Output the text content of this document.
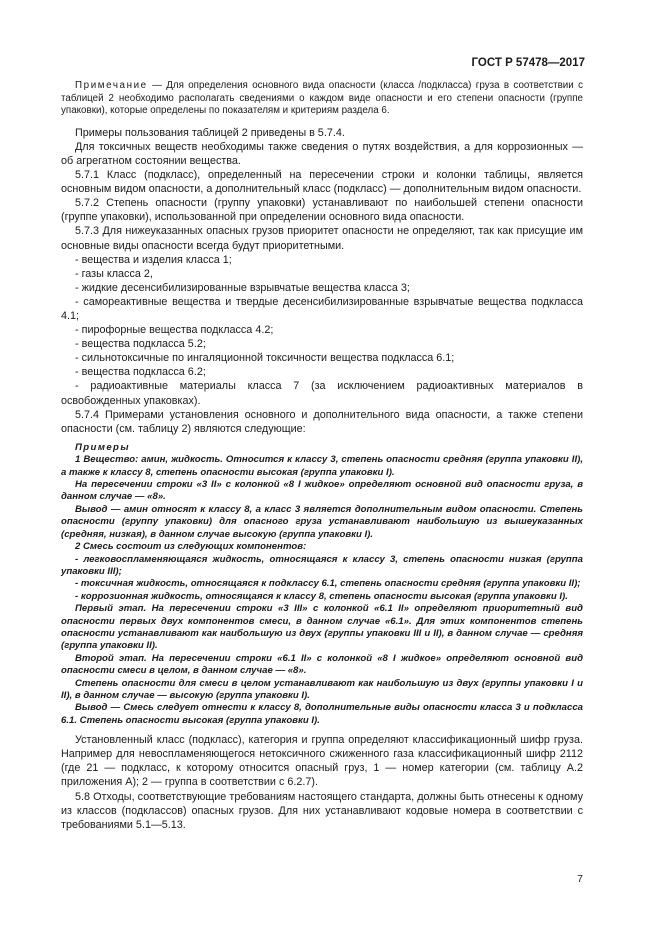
ГОСТ Р 57478—2017

Примечание — Для определения основного вида опасности (класса /подкласса) груза в соответствии с таблицей 2 необходимо располагать сведениями о каждом виде опасности и его степени опасности (группе упаковки), которые определены по показателям и критериям раздела 6.

Примеры пользования таблицей 2 приведены в 5.7.4.

Для токсичных веществ необходимы также сведения о путях воздействия, а для коррозионных — об агрегатном состоянии вещества.

5.7.1 Класс (подкласс), определенный на пересечении строки и колонки таблицы, является основным видом опасности, а дополнительный класс (подкласс) — дополнительным видом опасности.

5.7.2 Степень опасности (группу упаковки) устанавливают по наибольшей степени опасности (группе упаковки), использованной при определении основного вида опасности.

5.7.3 Для нижеуказанных опасных грузов приоритет опасности не определяют, так как присущие им основные виды опасности всегда будут приоритетными.

- вещества и изделия класса 1;

- газы класса 2,

- жидкие десенсибилизированные взрывчатые вещества класса 3;

- самореактивные вещества и твердые десенсибилизированные взрывчатые вещества подкласса 4.1;

- пирофорные вещества подкласса 4.2;

- вещества подкласса 5.2;

- сильнотоксичные по ингаляционной токсичности вещества подкласса 6.1;

- вещества подкласса 6.2;

- радиоактивные материалы класса 7 (за исключением радиоактивных материалов в освобожденных упаковках).

5.7.4 Примерами установления основного и дополнительного вида опасности, а также степени опасности (см. таблицу 2) являются следующие:

Примеры

1 Вещество: амин, жидкость. Относится к классу 3, степень опасности средняя (группа упаковки II), а также к классу 8, степень опасности высокая (группа упаковки I).

На пересечении строки «3 II» с колонкой «8 I жидкое» определяют основной вид опасности груза, в данном случае — «8».

Вывод — амин относят к классу 8, а класс 3 является дополнительным видом опасности. Степень опасности (группу упаковки) для опасного груза устанавливают наибольшую из вышеуказанных (средняя, низкая), в данном случае высокую (группа упаковки I).

2 Смесь состоит из следующих компонентов:

- легковоспламеняющаяся жидкость, относящаяся к классу 3, степень опасности низкая (группа упаковки III);

- токсичная жидкость, относящаяся к подклассу 6.1, степень опасности средняя (группа упаковки II);

- коррозионная жидкость, относящаяся к классу 8, степень опасности высокая (группа упаковки I).

Первый этап. На пересечении строки «3 III» с колонкой «6.1 II» определяют приоритетный вид опасности первых двух компонентов смеси, в данном случае «6.1». Для этих компонентов степень опасности устанавливают как наибольшую из двух (группы упаковки III и II), в данном случае — средняя (группа упаковки II).

Второй этап. На пересечении строки «6.1 II» с колонкой «8 I жидкое» определяют основной вид опасности смеси в целом, в данном случае — «8».

Степень опасности для смеси в целом устанавливают как наибольшую из двух (группы упаковки I и II), в данном случае — высокую (группа упаковки I).

Вывод — Смесь следует отнести к классу 8, дополнительные виды опасности класса 3 и подкласса 6.1. Степень опасности высокая (группа упаковки I).

Установленный класс (подкласс), категория и группа определяют классификационный шифр груза. Например для невоспламеняющегося нетоксичного сжиженного газа классификационный шифр 2112 (где 21 — подкласс, к которому относится опасный груз, 1 — номер категории (см. таблицу А.2 приложения А); 2 — группа в соответствии с 6.2.7).

5.8 Отходы, соответствующие требованиям настоящего стандарта, должны быть отнесены к одному из классов (подклассов) опасных грузов. Для них устанавливают кодовые номера в соответствии с требованиями 5.1—5.13.

7
